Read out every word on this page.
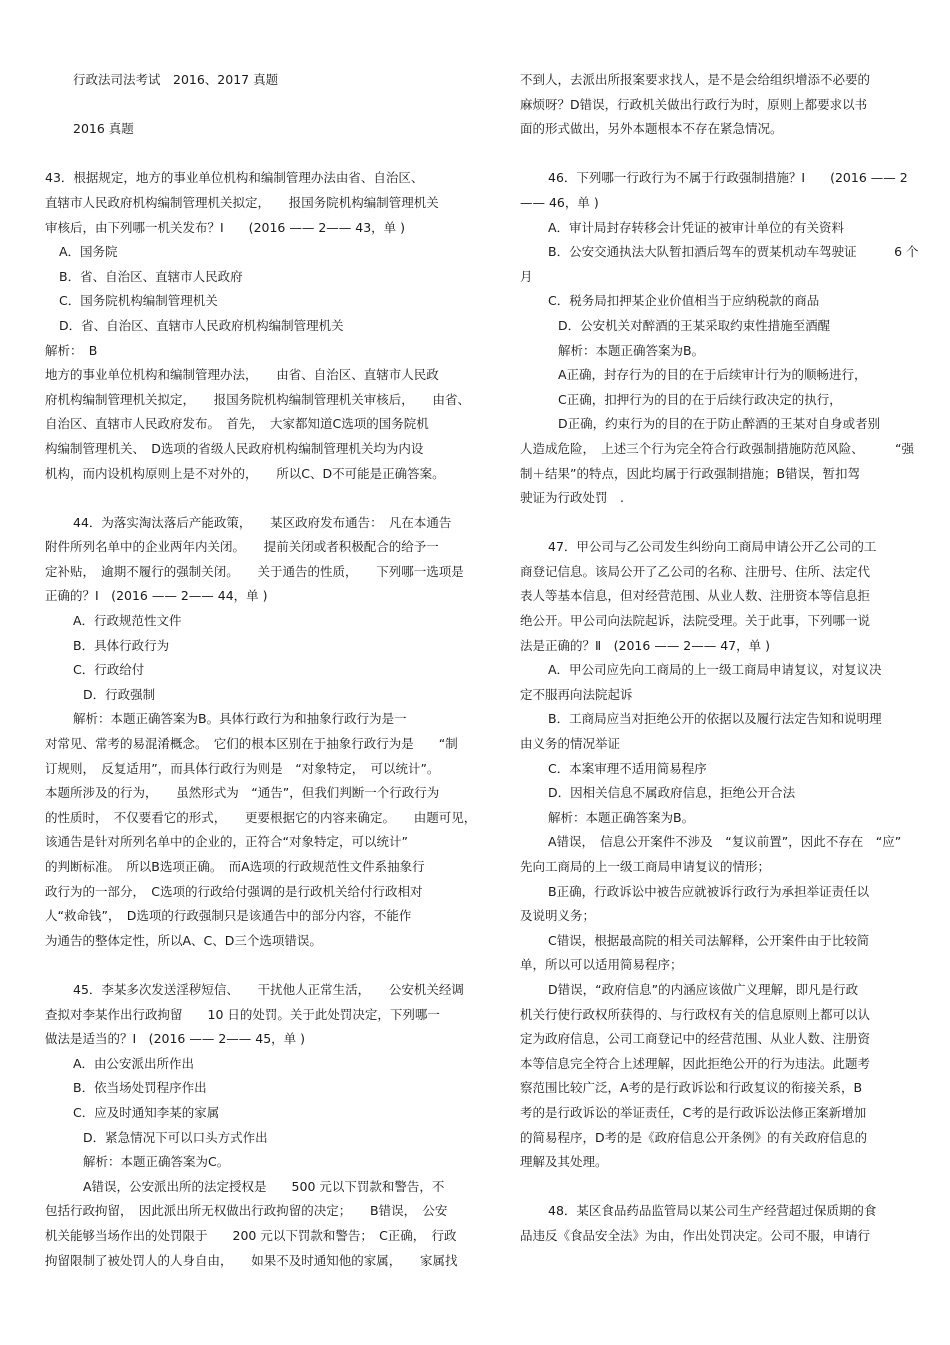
行政法司法考试　2016、2017 真题

2016 真题

43．根据规定，地方的事业单位机构和编制管理办法由省、自治区、

直辖市人民政府机构编制管理机关拟定，　　报国务院机构编制管理机关

审核后，由下列哪一机关发布？Ⅰ　　(2016 —— 2—— 43，单 )

A．国务院

B．省、自治区、直辖市人民政府

C．国务院机构编制管理机关

D．省、自治区、直辖市人民政府机构编制管理机关

解析：　B

地方的事业单位机构和编制管理办法，　　由省、自治区、直辖市人民政

府机构编制管理机关拟定，　　报国务院机构编制管理机关审核后，　　由省、

自治区、直辖市人民政府发布。　首先，　大家都知道C选项的国务院机

构编制管理机关、　D选项的省级人民政府机构编制管理机关均为内设

机构，而内设机构原则上是不对外的，　　所以C、D不可能是正确答案。

44．为落实淘汰落后产能政策，　　某区政府发布通告：　凡在本通告

附件所列名单中的企业两年内关闭。　　提前关闭或者积极配合的给予一

定补贴，　逾期不履行的强制关闭。　　关于通告的性质，　　下列哪一选项是

正确的？Ⅰ　(2016 —— 2—— 44，单 )

A．行政规范性文件

B．具体行政行为

C．行政给付

D．行政强制

解析：本题正确答案为B。具体行政行为和抽象行政行为是一

对常见、常考的易混淆概念。　它们的根本区别在于抽象行政行为是　　“制

订规则，　反复适用”，而具体行政行为则是　“对象特定，　可以统计”。

本题所涉及的行为，　　虽然形式为　“通告”，但我们判断一个行政行为

的性质时，　不仅要看它的形式，　　更要根据它的内容来确定。　　由题可见，

该通告是针对所列名单中的企业的，正符合“对象特定，可以统计”

的判断标准。　所以B选项正确。　而A选项的行政规范性文件系抽象行

政行为的一部分，　C选项的行政给付强调的是行政机关给付行政相对

人“救命钱”，　D选项的行政强制只是该通告中的部分内容，不能作

为通告的整体定性，所以A、C、D三个选项错误。

45．李某多次发送淫秽短信、　　干扰他人正常生活，　　公安机关经调

查拟对李某作出行政拘留　　10 日的处罚。关于此处罚决定，下列哪一

做法是适当的？Ⅰ　(2016 —— 2—— 45，单 )

A．由公安派出所作出

B．依当场处罚程序作出

C．应及时通知李某的家属

D．紧急情况下可以口头方式作出

解析：本题正确答案为C。

A错误，公安派出所的法定授权是　　500 元以下罚款和警告，不

包括行政拘留，　因此派出所无权做出行政拘留的决定；　　B错误，　公安

机关能够当场作出的处罚限于　　200 元以下罚款和警告；　C正确，　行政

拘留限制了被处罚人的人身自由，　　如果不及时通知他的家属，　　家属找

不到人，去派出所报案要求找人，是不是会给组织增添不必要的

麻烦呀？D错误，行政机关做出行政行为时，原则上都要求以书

面的形式做出，另外本题根本不存在紧急情况。

46．下列哪一行政行为不属于行政强制措施？Ⅰ　　(2016 —— 2

—— 46，单 )

A．审计局封存转移会计凭证的被审计单位的有关资料

B．公安交通执法大队暂扣酒后驾车的贾某机动车驾驶证　　　6 个

月

C．税务局扣押某企业价值相当于应纳税款的商品

D．公安机关对醉酒的王某采取约束性措施至酒醒

解析：本题正确答案为B。

A正确，封存行为的目的在于后续审计行为的顺畅进行，

C正确，扣押行为的目的在于后续行政决定的执行，

D正确，约束行为的目的在于防止醉酒的王某对自身或者别

人造成危险，　上述三个行为完全符合行政强制措施防范风险、　　　“强

制＋结果”的特点，因此均属于行政强制措施；B错误，暂扣驾

驶证为行政处罚　.

47．甲公司与乙公司发生纠纷向工商局申请公开乙公司的工

商登记信息。该局公开了乙公司的名称、注册号、住所、法定代

表人等基本信息，但对经营范围、从业人数、注册资本等信息拒

绝公开。甲公司向法院起诉，法院受理。关于此事，下列哪一说

法是正确的？Ⅱ　(2016 —— 2—— 47，单 )

A．甲公司应先向工商局的上一级工商局申请复议，对复议决

定不服再向法院起诉

B．工商局应当对拒绝公开的依据以及履行法定告知和说明理

由义务的情况举证

C．本案审理不适用简易程序

D．因相关信息不属政府信息，拒绝公开合法

解析：本题正确答案为B。

A错误，　信息公开案件不涉及　“复议前置”，因此不存在　“应”

先向工商局的上一级工商局申请复议的情形；

B正确，行政诉讼中被告应就被诉行政行为承担举证责任以

及说明义务；

C错误，根据最高院的相关司法解释，公开案件由于比较简

单，所以可以适用简易程序；

D错误，“政府信息”的内涵应该做广义理解，即凡是行政

机关行使行政权所获得的、与行政权有关的信息原则上都可以认

定为政府信息，公司工商登记中的经营范围、从业人数、注册资

本等信息完全符合上述理解，因此拒绝公开的行为违法。此题考

察范围比较广泛，A考的是行政诉讼和行政复议的衔接关系，B

考的是行政诉讼的举证责任，C考的是行政诉讼法修正案新增加

的简易程序，D考的是《政府信息公开条例》的有关政府信息的

理解及其处理。

48．某区食品药品监管局以某公司生产经营超过保质期的食

品违反《食品安全法》为由，作出处罚决定。公司不服，申请行
